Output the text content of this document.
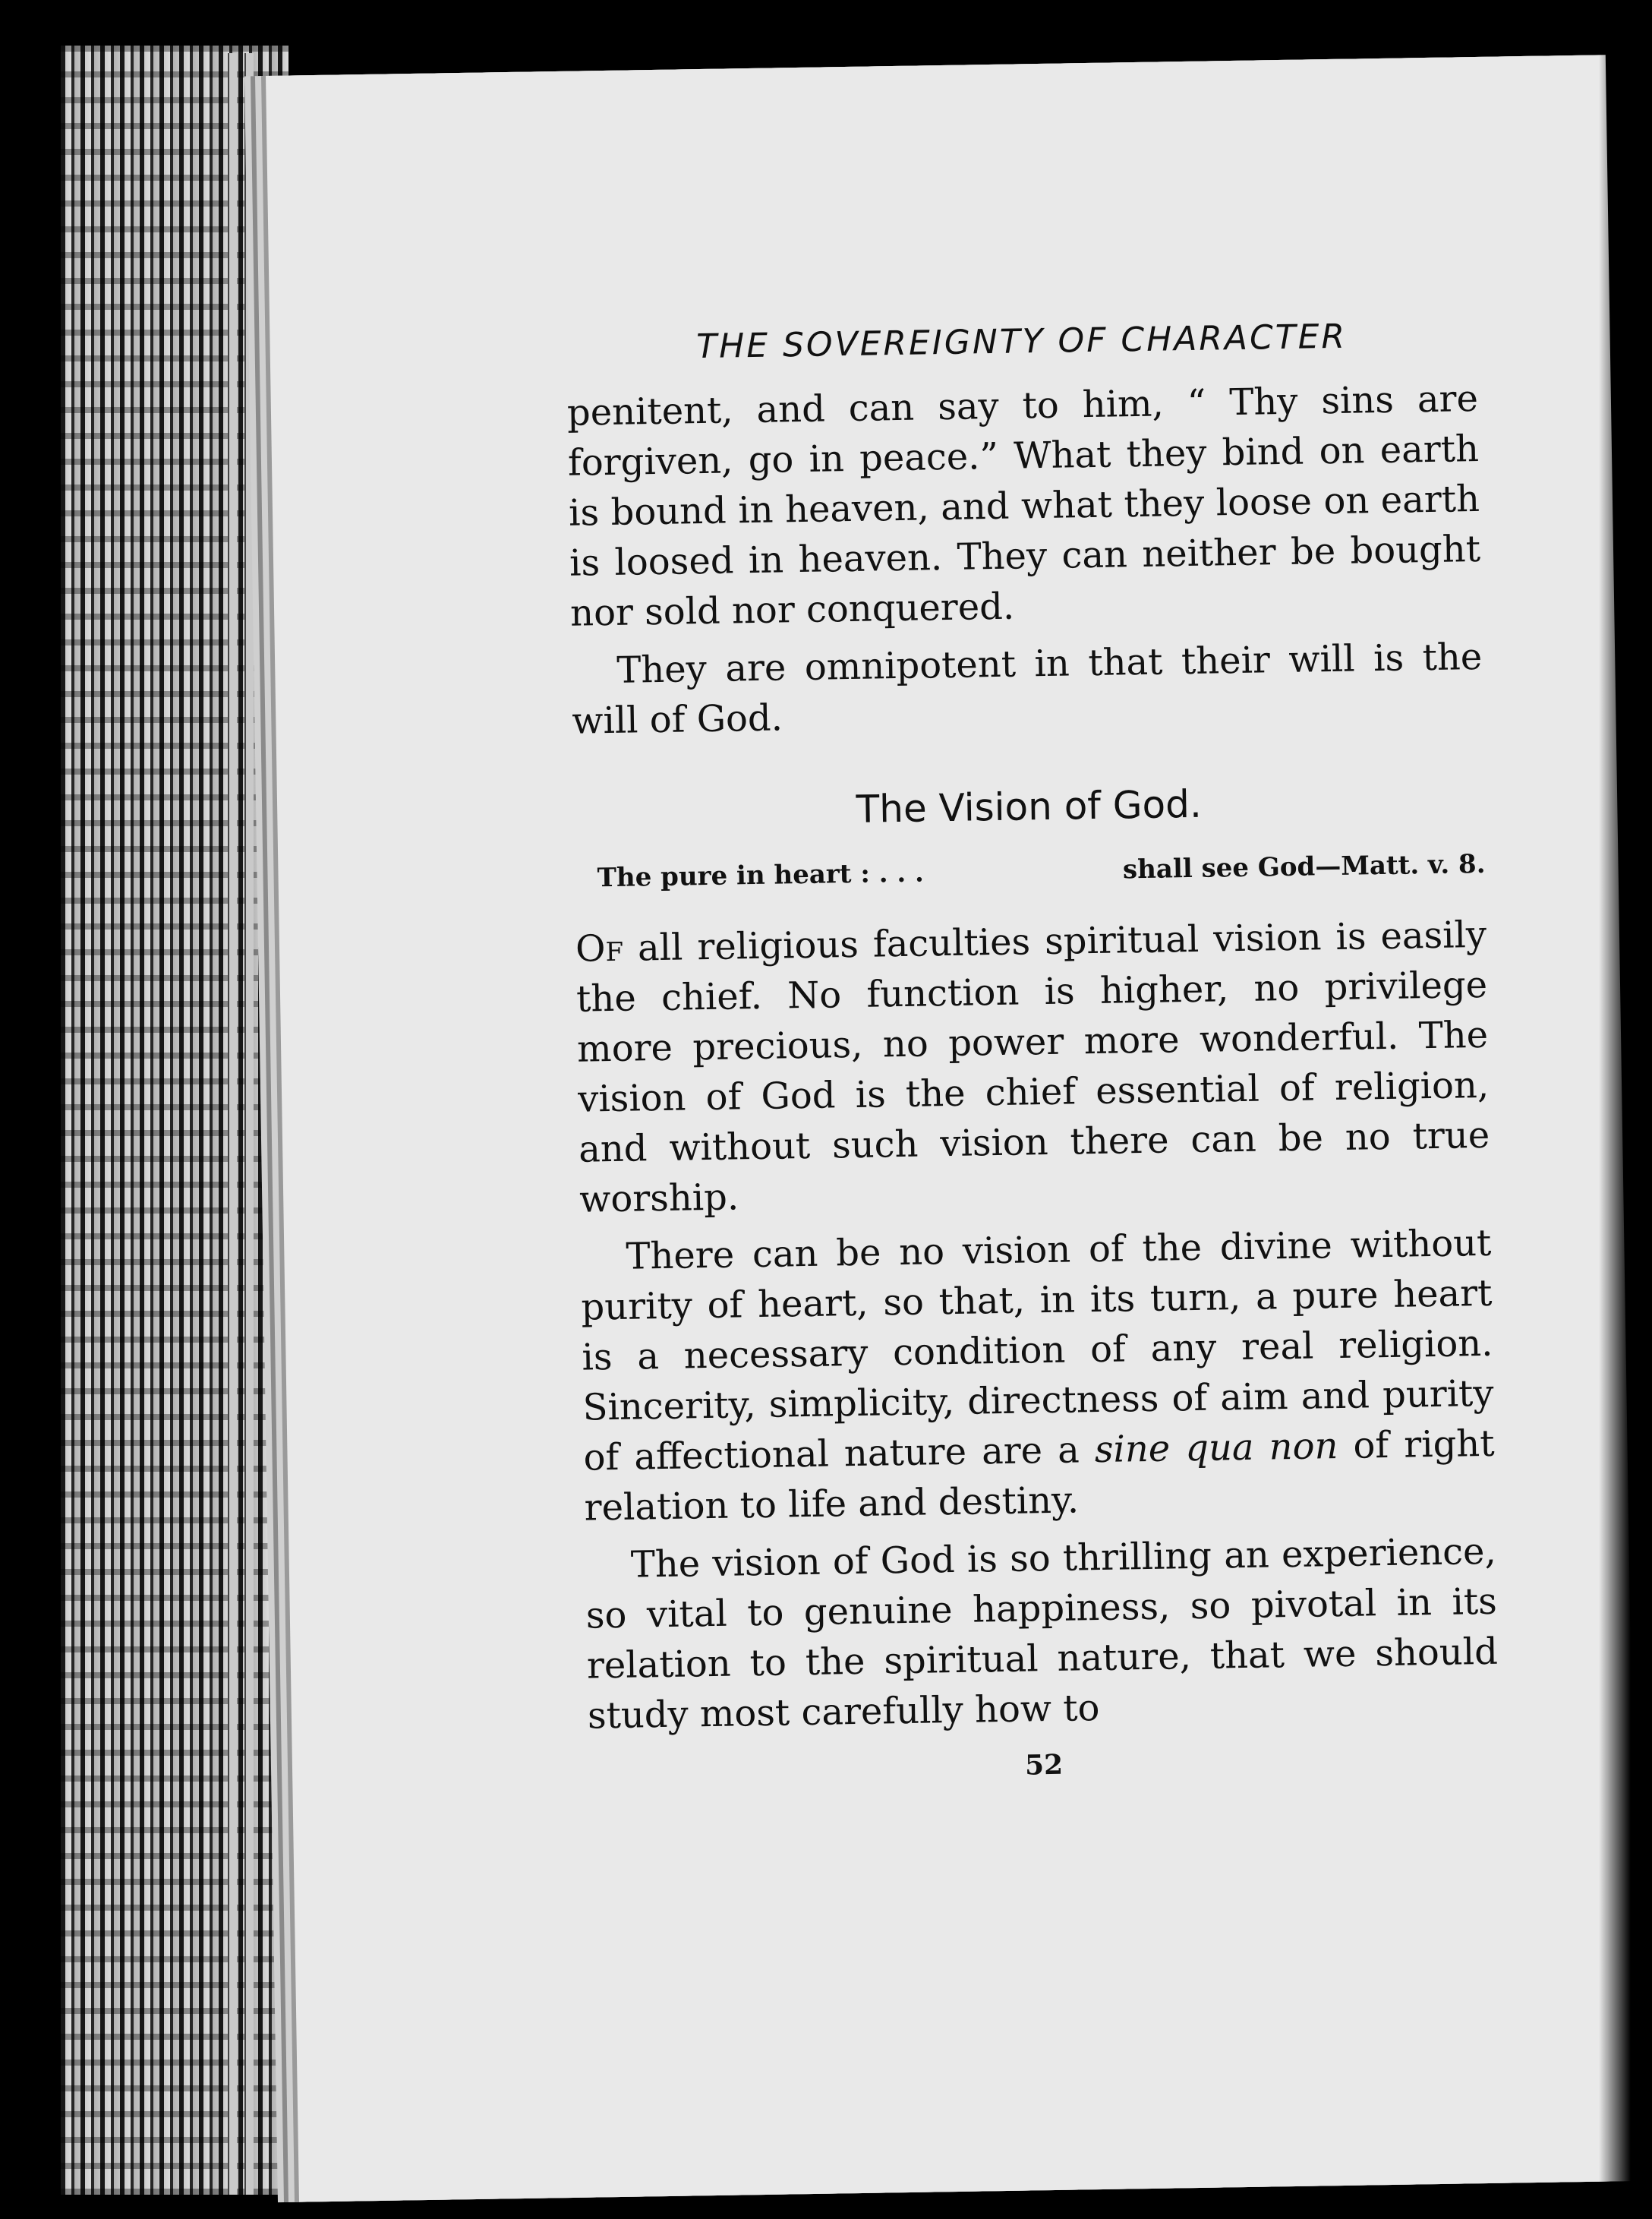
THE SOVEREIGNTY OF CHARACTER

penitent, and can say to him, “ Thy sins are forgiven, go in peace.” What they bind on earth is bound in heaven, and what they loose on earth is loosed in heaven. They can neither be bought nor sold nor conquered.

They are omnipotent in that their will is the will of God.

The Vision of God.
The pure in heart : . . .	shall see God—Matt. v. 8.

Of all religious faculties spiritual vision is easily the chief. No function is higher, no privilege more precious, no power more wonderful. The vision of God is the chief essential of religion, and without such vision there can be no true worship.

There can be no vision of the divine without purity of heart, so that, in its turn, a pure heart is a necessary condition of any real religion. Sincerity, simplicity, directness of aim and purity of affectional nature are a sine qua non of right relation to life and destiny.

The vision of God is so thrilling an experience, so vital to genuine happiness, so pivotal in its relation to the spiritual nature, that we should study most carefully how to

52
